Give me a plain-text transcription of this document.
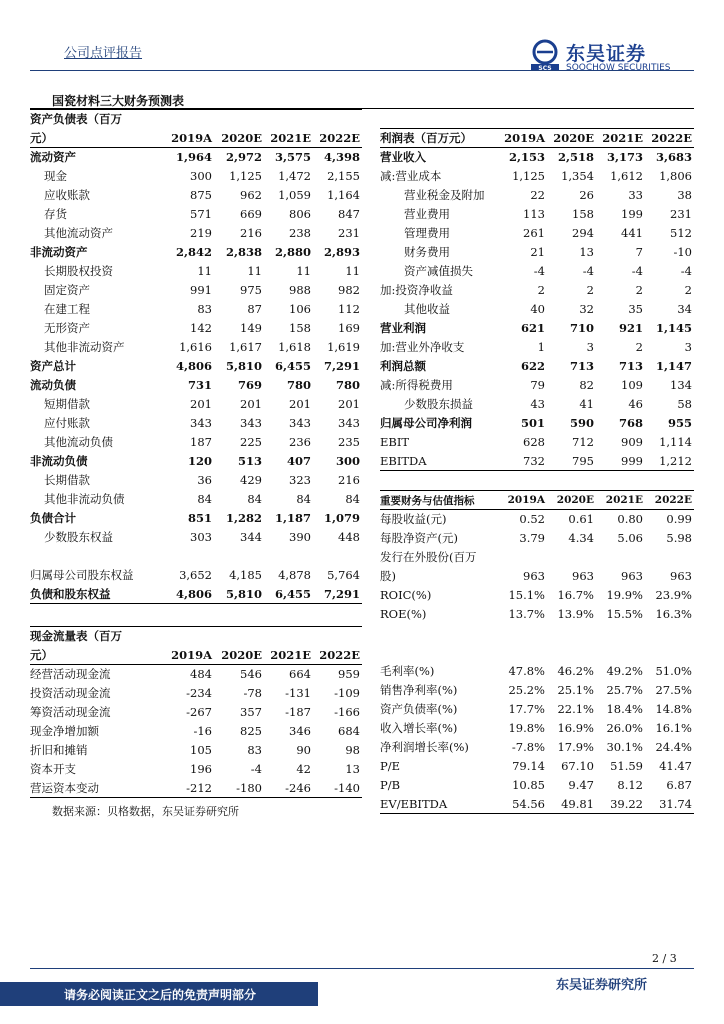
公司点评报告
SCS
东吴证券
SOOCHOW SECURITIES
国瓷材料三大财务预测表
资产负债表（百万				
元）	2019A	2020E	2021E	2022E
流动资产	1,964	2,972	3,575	4,398
现金	300	1,125	1,472	2,155
应收账款	875	962	1,059	1,164
存货	571	669	806	847
其他流动资产	219	216	238	231
非流动资产	2,842	2,838	2,880	2,893
长期股权投资	11	11	11	11
固定资产	991	975	988	982
在建工程	83	87	106	112
无形资产	142	149	158	169
其他非流动资产	1,616	1,617	1,618	1,619
资产总计	4,806	5,810	6,455	7,291
流动负债	731	769	780	780
短期借款	201	201	201	201
应付账款	343	343	343	343
其他流动负债	187	225	236	235
非流动负债	120	513	407	300
长期借款	36	429	323	216
其他非流动负债	84	84	84	84
负债合计	851	1,282	1,187	1,079
少数股东权益	303	344	390	448

归属母公司股东权益	3,652	4,185	4,878	5,764
负债和股东权益	4,806	5,810	6,455	7,291
利润表（百万元）	2019A	2020E	2021E	2022E
营业收入	2,153	2,518	3,173	3,683
减:营业成本	1,125	1,354	1,612	1,806
营业税金及附加	22	26	33	38
营业费用	113	158	199	231
管理费用	261	294	441	512
财务费用	21	13	7	-10
资产减值损失	-4	-4	-4	-4
加:投资净收益	2	2	2	2
其他收益	40	32	35	34
营业利润	621	710	921	1,145
加:营业外净收支	1	3	2	3
利润总额	622	713	713	1,147
减:所得税费用	79	82	109	134
少数股东损益	43	41	46	58
归属母公司净利润	501	590	768	955
EBIT	628	712	909	1,114
EBITDA	732	795	999	1,212
重要财务与估值指标	2019A	2020E	2021E	2022E
每股收益(元)	0.52	0.61	0.80	0.99
每股净资产(元)	3.79	4.34	5.06	5.98
发行在外股份(百万				
股)	963	963	963	963
ROIC(%)	15.1%	16.7%	19.9%	23.9%
ROE(%)	13.7%	13.9%	15.5%	16.3%

毛利率(%)	47.8%	46.2%	49.2%	51.0%
销售净利率(%)	25.2%	25.1%	25.7%	27.5%
资产负债率(%)	17.7%	22.1%	18.4%	14.8%
收入增长率(%)	19.8%	16.9%	26.0%	16.1%
净利润增长率(%)	-7.8%	17.9%	30.1%	24.4%
P/E	79.14	67.10	51.59	41.47
P/B	10.85	9.47	8.12	6.87
EV/EBITDA	54.56	49.81	39.22	31.74
现金流量表（百万				
元）	2019A	2020E	2021E	2022E
经营活动现金流	484	546	664	959
投资活动现金流	-234	-78	-131	-109
筹资活动现金流	-267	357	-187	-166
现金净增加额	-16	825	346	684
折旧和摊销	105	83	90	98
资本开支	196	-4	42	13
营运资本变动	-212	-180	-246	-140
数据来源：贝格数据，东吴证券研究所
2 / 3
请务必阅读正文之后的免责声明部分
东吴证券研究所
